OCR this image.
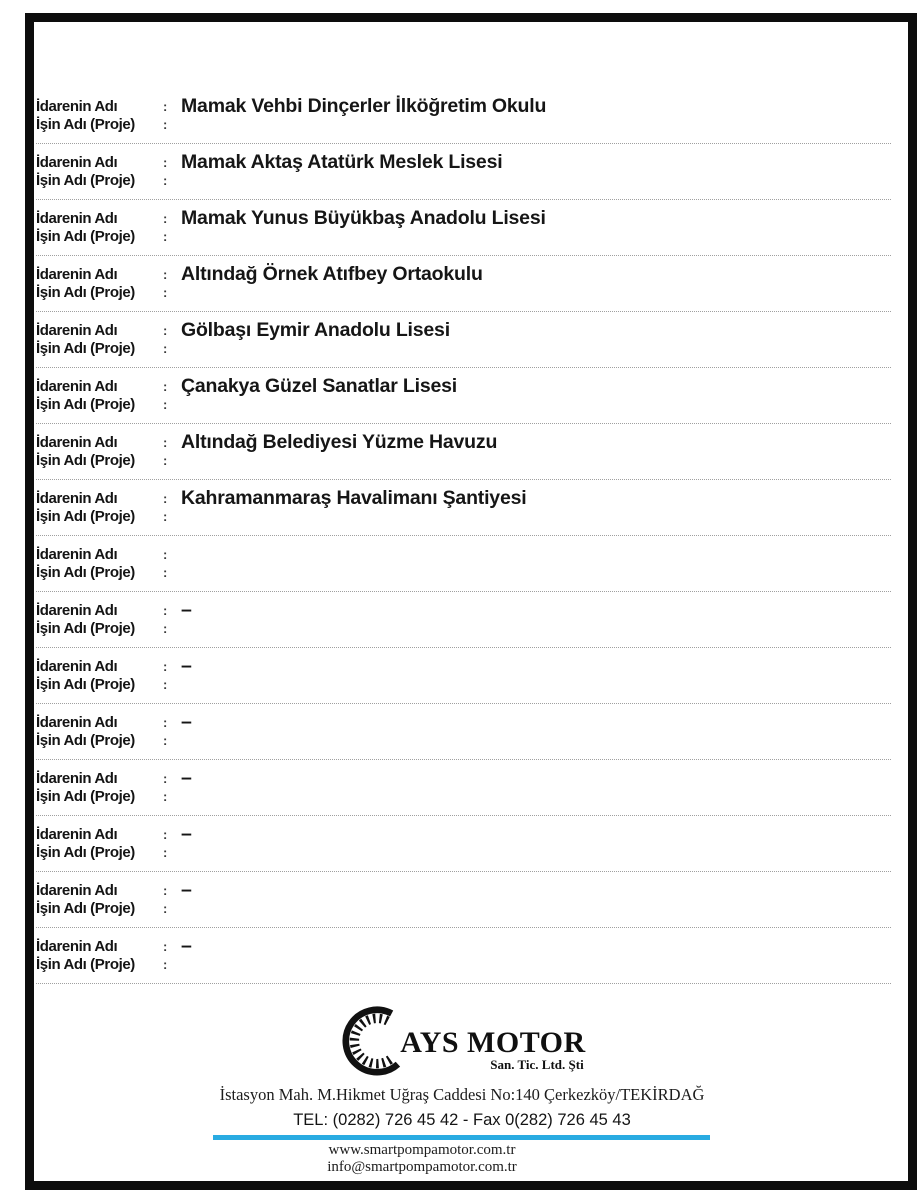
İdarenin Adı
İşin Adı (Proje)
:
:
Mamak Vehbi Dinçerler İlköğretim Okulu
İdarenin Adı
İşin Adı (Proje)
:
:
Mamak Aktaş Atatürk Meslek Lisesi
İdarenin Adı
İşin Adı (Proje)
:
:
Mamak Yunus Büyükbaş Anadolu Lisesi
İdarenin Adı
İşin Adı (Proje)
:
:
Altındağ Örnek Atıfbey Ortaokulu
İdarenin Adı
İşin Adı (Proje)
:
:
Gölbaşı Eymir Anadolu Lisesi
İdarenin Adı
İşin Adı (Proje)
:
:
Çanakya Güzel Sanatlar Lisesi
İdarenin Adı
İşin Adı (Proje)
:
:
Altındağ Belediyesi Yüzme Havuzu
İdarenin Adı
İşin Adı (Proje)
:
:
Kahramanmaraş Havalimanı Şantiyesi
İdarenin Adı
İşin Adı (Proje)
:
:
İdarenin Adı
İşin Adı (Proje)
:
:
–
İdarenin Adı
İşin Adı (Proje)
:
:
–
İdarenin Adı
İşin Adı (Proje)
:
:
–
İdarenin Adı
İşin Adı (Proje)
:
:
–
İdarenin Adı
İşin Adı (Proje)
:
:
–
İdarenin Adı
İşin Adı (Proje)
:
:
–
İdarenin Adı
İşin Adı (Proje)
:
:
–
AYS MOTOR
San. Tic. Ltd. Şti
İstasyon Mah. M.Hikmet Uğraş Caddesi No:140 Çerkezköy/TEKİRDAĞ
TEL: (0282) 726 45 42 - Fax 0(282) 726 45 43
www.smartpompamotor.com.tr
info@smartpompamotor.com.tr
